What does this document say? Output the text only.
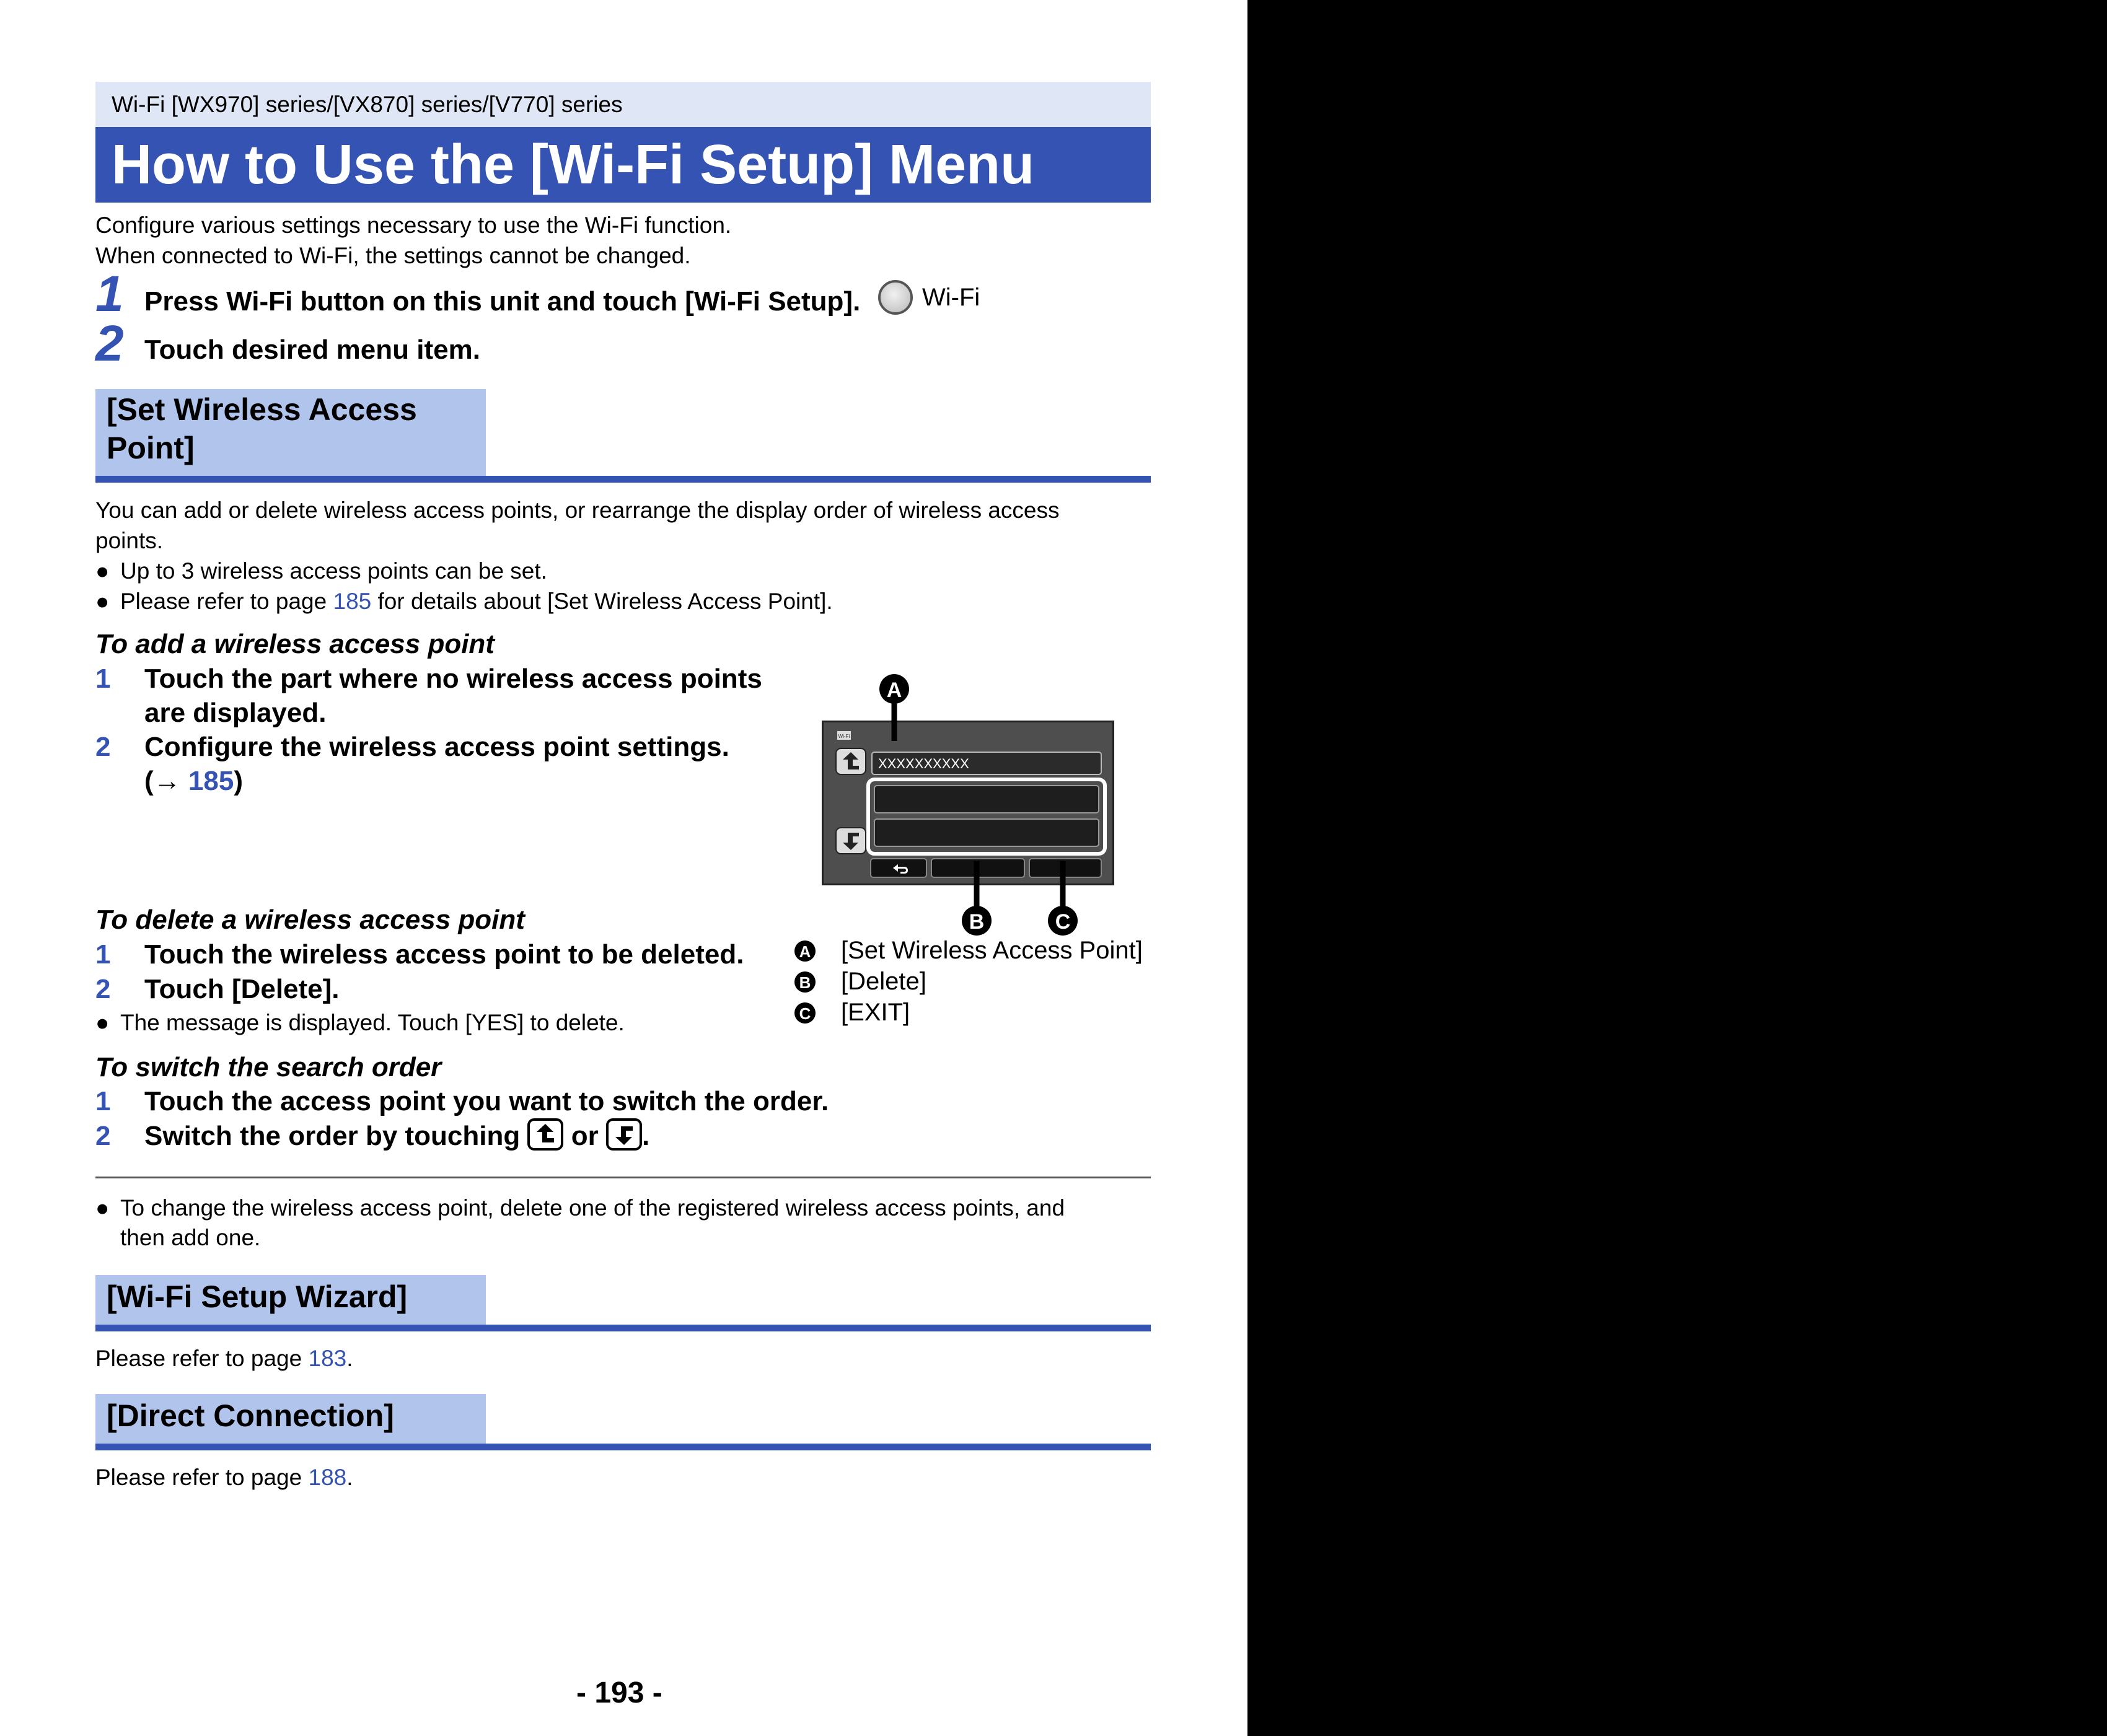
Wi-Fi [WX970] series/[VX870] series/[V770] series
How to Use the [Wi-Fi Setup] Menu
Configure various settings necessary to use the Wi-Fi function.
When connected to Wi-Fi, the settings cannot be changed.
1 Press Wi-Fi button on this unit and touch [Wi-Fi Setup]. Wi-Fi
2 Touch desired menu item.
[Set Wireless Access
Point]
You can add or delete wireless access points, or rearrange the display order of wireless access
points.
● Up to 3 wireless access points can be set.
● Please refer to page 185 for details about [Set Wireless Access Point].
To add a wireless access point
1 Touch the part where no wireless access points
are displayed.
2 Configure the wireless access point settings.
(→ 185)
To delete a wireless access point
1 Touch the wireless access point to be deleted.
2 Touch [Delete].
● The message is displayed. Touch [YES] to delete.
To switch the search order
1 Touch the access point you want to switch the order.
2 Switch the order by touching or .
Wi-Fi
XXXXXXXXXX
A
B	C
A
B
C
[Set Wireless Access Point]
[Delete]
[EXIT]
● To change the wireless access point, delete one of the registered wireless access points, and
then add one.
[Wi-Fi Setup Wizard]
Please refer to page 183.
[Direct Connection]
Please refer to page 188.
- 193 -
